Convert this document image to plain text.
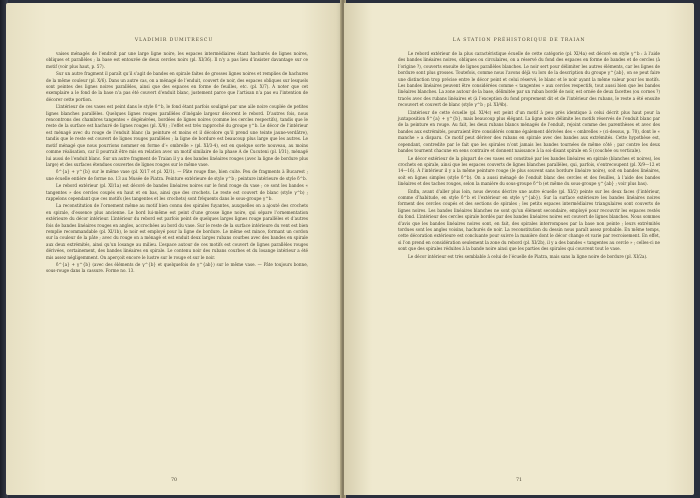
VLADIMIR DUMITRESCU

vaises ménagés de l’endroit par une large ligne noire, les espaces intermédiaires étant hachurés de lignes noires, obliques et parallèles ; la base est entourée de deux cercles noirs (pl. XI/36). Il n’y a pas lieu d’insister davantage sur ce motif (voir plus haut, p. 57).

Sur un autre fragment il paraît qu’il s’agit de bandes en spirale faites de grosses lignes noires et remplies de hachures de la même couleur (pl. X/6). Dans un autre cas, on a ménagé de l’enduit, couvert de noir, des espaces obliques sur lesquels sont peintes des lignes noires parallèles, ainsi que des espaces en forme de feuilles, etc. (pl. X/7). À noter que cet exemplaire a le fond de la base n’a pas été couvert d’enduit blanc, justement parce que l’artisan n’a pas eu l’intention de décorer cette portion.

L’intérieur de ces vases est peint dans le style δ^b, le fond étant parfois souligné par une aile noire couplée de petites lignes blanches parallèles. Quelques lignes rouges parallèles d’inégale largeur décorent le rebord. D’autres fois, nous rencontrons des chambres tangentes « dégénérées, bordées de lignes noires (comme les cercles respectifs), tandis que le reste de la surface est hachuré de lignes rouges (pl. X/8) ; l’effet est très rapproché du groupe γ^b. Le décor de l’intérieur est ménagé avec du rouge de l’enduit blanc (la peinture et moins et il décolore qu’il prend une teinte jaune-verdâtre), tandis que le reste est couvert de lignes rouges parallèles ; la ligne de bordure est beaucoup plus large que les autres. Le motif ménagé que nous pourrions nommer en forme d’« ombrelle » (pl. XI/3-4), est en quelque sorte nouveau, au moins comme réalisation, car il pourrait être mis en relation avec un motif similaire de la phase A de Cucuteni (pl. I/31), ménagé lui aussi de l’enduit blanc. Sur un autre fragment de Traian il y a des bandes linéaires rouges (avec la ligne de bordure plus large) et des surfaces étendues couvertes de lignes rouges sur le même vase.

δ^{a} + γ^{b} sur le même vase (pl. X/17 et pl. XI/1). — Pâte rouge fine, bien cuite. Peu de fragments à Bucarest ; une écuelle entière de forme no. 13 au Musée de Piatra. Peinture extérieure de style γ^b ; peinture intérieure de style δ^b.

Le rebord extérieur (pl. XI/1a) est décoré de bandes linéaires noires sur le fond rouge du vase ; ce sont les bandes « tangentes » des cercles coupés en haut et en bas, ainsi que des crochets. Le reste est couvert de blanc (style γ^b) ; rappelons cependant que ces motifs (les tangentes et les crochets) sont fréquents dans le sous-groupe γ^b.

La reconstitution de l’ornement même au motif bien connu des spirales fuyantes, auxquelles on a ajouté des crochets en spirale, d’essence plus ancienne. Le bord lui-même est peint d’une grosse ligne noire, qui sépare l’ornementation extérieure du décor intérieur. L’intérieur du rebord est parfois peint de quelques larges lignes rouge parallèles et d’autres fois de bandes linéaires rouges en angles, accrochées au bord du vase. Sur le reste de la surface intérieure du vent est bien remplie recommandable (pl. XI/1b), le noir est employé pour la ligne de bordure. Le même est mince, formant un cordon sur la couleur de la pâte ; avec du rouge on a ménagé et est enduit deux larges rubans courbes avec des bandes en spirale aux deux extrémités, ainsi qu’un losange au milieu. L’espace autour de ces motifs est couvert de lignes parallèles rouges dérivées, certainement, des bandes linéaires en spirale. Le contenu noir des rubans courbes et du losange intérieur a été mis assez négligemment. On aperçoit encore le lustre sur le rouge et sur le noir.

δ^{a} + γ^{b} (avec des éléments de γ^{b} et quelquefois de γ^{ab}) sur le même vase. — Pâte toujours bonne, sous-rouge dans la cassure. Forme no. 13.

70
LA STATION PRÉHISTORIQUE DE TRAIAN

Le rebord extérieur de la plus caractéristique écuelle de cette catégorie (pl. XI/4a) est décoré en style γ^b : à l’aide des bandes linéaires noires, obliques ou circulaires, on a réservé du fond des espaces en forme de bandes et de cercles (à l’origine ?), couverts ensuite de lignes parallèles blanches. Le noir sert pour délimiter les autres éléments, car les lignes de bordure sont plus grosses. Toutefois, comme nous l’avons déjà vu lors de la description du groupe γ^{ab}, on se peut faire une distinction trop précise entre le décor peint et celui réservé, le blanc et le noir ayant la même valeur pour les motifs. Les bandes linéaires peuvent être considérées comme « tangentes » aux cercles respectifs, tout aussi bien que les bandes linéaires blanches. La zone autour de la base, délimitée par un ruban bordé de noir, est ornée de deux facettes (ou cornes ?) tracés avec des rubans linéaires et (à l’exception du fond proprement dit et de l’intérieur des rubans, le reste a été ensuite recouvert et couvert de blanc (style γ^b ; pl. XI/4b).

L’intérieur de cette écuelle (pl. XI/4c) est peint d’un motif à peu près identique à celui décrit plus haut pour la juxtaposition δ^{a} + γ^{b}, mais beaucoup plus élégant. La ligne noire délimite les motifs réservés de l’enduit blanc par de la peinture en rouge. Au fait, les deux rubans blancs ménagés de l’enduit, rejoint comme des parenthèses et avec des bandes aux extrémités, pourraient être considérés comme également dérivées des « ombrelles » (ci-dessus, p. 70), dont le « manche » a disparu. Ce motif peut dériver des rubans en spirale avec des bandes aux extrémités. Cette hypothèse est, cependant, contredite par le fait que les spirales n’ont jamais les bandes tournées de même côté ; par contre les deux bandes tournent chacune en sens contraire et donnent naissance à la soi-disant spirale en S (couchée ou verticale).

Le décor extérieur de la plupart de ces vases est constitué par les bandes linéaires en spirale (blanches et noires), les crochets en spirale, ainsi que les espaces couverts de lignes blanches parallèles, qui, parfois, s’entrecoupent (pl. X/9—12 et 14—16). À l’intérieur il y a la même peinture rouge (le plus souvent sans bordure linéaire noire), soit en bandes linéaires, soit en lignes simples (style δ^b). On a aussi ménagé de l’enduit blanc des cercles et des feuilles, à l’aide des bandes linéaires et des taches rouges, selon la manière du sous-groupe δ^b (et même du sous-groupe γ^{ab} ; voir plus bas).

Enfin, avant d’aller plus loin, nous devons décrire une autre écuelle (pl. XI/2) peinte sur les deux faces (l’intérieur, comme d’habitude, en style δ^b et l’extérieur en style γ^{ab}). Sur la surface extérieure les bandes linéaires noires forment des cercles coupés et des sections de spirales ; les petits espaces intermédiaires triangulaires sont couverts de lignes noires. Les bandes linéaires blanches ne sont qu’un élément secondaire, employé pour recouvrir les espaces restés du fond. L’intérieur des cercles spirale bordés par des bandes linéaires noires est couvert de lignes blanches. Nous sommes d’avis que les bandes linéaires noires sont, en fait, des spirales interrompues par la base non peinte ; leurs extrémités tordues sont les angles voisins, hachurés de noir. La reconstitution du dessin nous paraît assez probable. En même temps, cette décoration extérieure est concluante pour suivre la manière dont le décor change et varie par recroisement. En effet, si l’on prend en considération seulement la zone du rebord (pl. XI/2b), il y a des bandes « tangentes au cercle » ; celles-ci ne sont que des spirales réduites à la bande noire ainsi que les parties des spirales qui couvrent tout le vase.

Le décor intérieur est très semblable à celui de l’écuelle de Piatra, mais sans la ligne noire de bordure (pl. XI/2a).

71
